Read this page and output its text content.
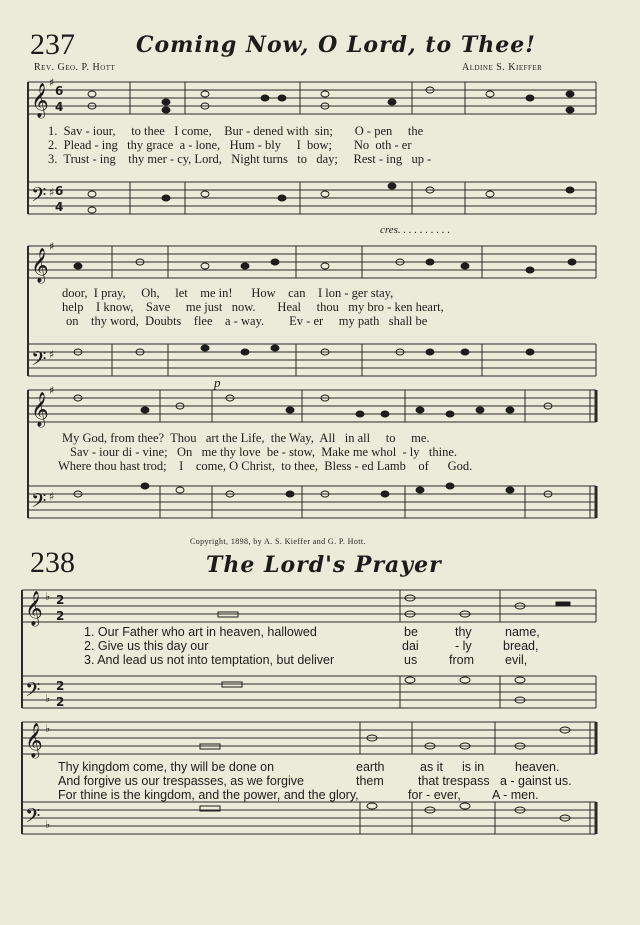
237	Coming Now, O Lord, to Thee!
Rev. Geo. P. Hott	Aldine S. Kieffer
𝄞 6
4
𝄢 6
4
𝄞
𝄢
𝄞
𝄢
♯
♯
♯
♯
♯
♯
1. Sav - iour, to thee I come, Bur - dened with sin; O - pen the
2. Plead - ing thy grace a - lone, Hum - bly I bow; No oth - er
3. Trust - ing thy mer - cy, Lord, Night turns to day; Rest - ing up -
cres. . . . . . . . . .
door, I pray, Oh, let me in! How can I lon - ger stay,
help I know, Save me just now. Heal thou my bro - ken heart,
on thy word, Doubts flee a - way. Ev - er my path shall be
p
My God, from thee? Thou art the Life, the Way, All in all to me.
Sav - iour di - vine; On me thy love be - stow, Make me whol - ly thine.
Where thou hast trod; I come, O Christ, to thee, Bless - ed Lamb of God.
Copyright, 1898, by A. S. Kieffer and G. P. Hott.
238	The Lord's Prayer
𝄞 ♭ 2
2
𝄢 ♭
2
2
𝄞 ♭
𝄢 ♭
1. Our Father who art in heaven, hallowed	be	thy	name,
2. Give us this day our	dai	- ly	bread,
3. And lead us not into temptation, but deliver	us	from evil,
Thy kingdom come, thy will be done on	earth	as it is in heaven.
And forgive us our trespasses, as we forgive	them	that trespass a - gainst us.
For thine is the kingdom, and the power, and the glory,	for - ever, A - men.
